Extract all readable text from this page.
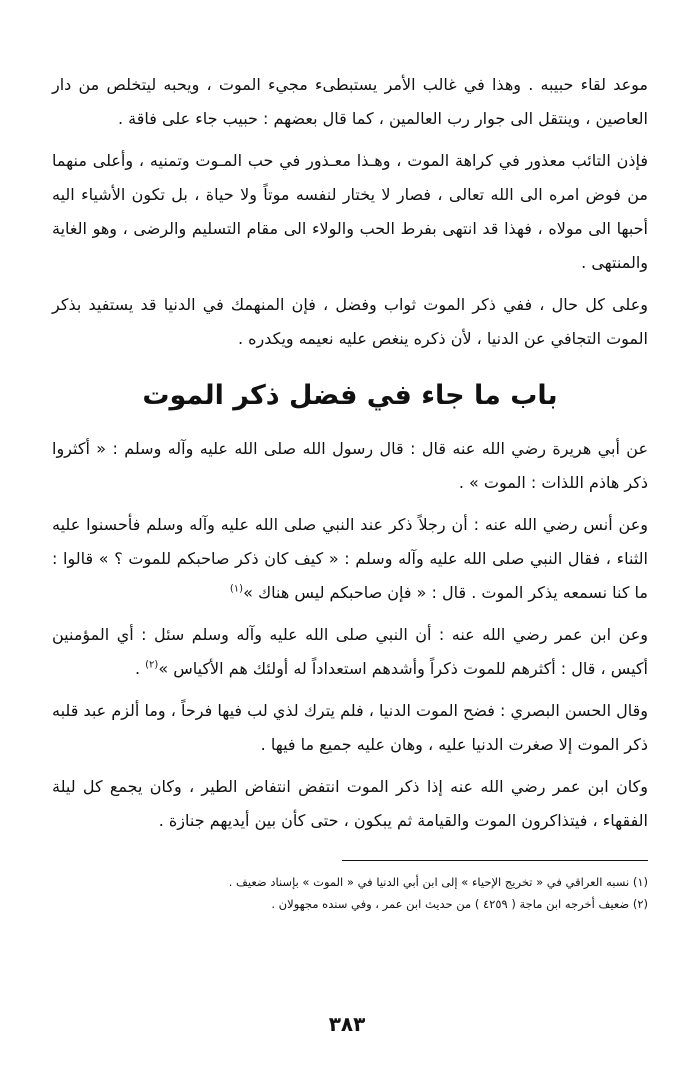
موعد لقاء حبيبه . وهذا في غالب الأمر يستبطىء مجيء الموت ، ويحبه ليتخلص من دار العاصين ، وينتقل الى جوار رب العالمين ، كما قال بعضهم : حبيب جاء على فاقة .

فإذن التائب معذور في كراهة الموت ، وهـذا معـذور في حب المـوت وتمنيه ، وأعلى منهما من فوض امره الى الله تعالى ، فصار لا يختار لنفسه موتاً ولا حياة ، بل تكون الأشياء اليه أحبها الى مولاه ، فهذا قد انتهى بفرط الحب والولاء الى مقام التسليم والرضى ، وهو الغاية والمنتهى .

وعلى كل حال ، ففي ذكر الموت ثواب وفضل ، فإن المنهمك في الدنيا قد يستفيد بذكر الموت التجافي عن الدنيا ، لأن ذكره ينغص عليه نعيمه ويكدره .

باب ما جاء في فضل ذكر الموت

عن أبي هريرة رضي الله عنه قال : قال رسول الله صلى الله عليه وآله وسلم : « أكثروا ذكر هاذم اللذات : الموت » .

وعن أنس رضي الله عنه : أن رجلاً ذكر عند النبي صلى الله عليه وآله وسلم فأحسنوا عليه الثناء ، فقال النبي صلى الله عليه وآله وسلم : « كيف كان ذكر صاحبكم للموت ؟ » قالوا : ما كنا نسمعه يذكر الموت . قال : « فإن صاحبكم ليس هناك »$^{(١)}$

وعن ابن عمر رضي الله عنه : أن النبي صلى الله عليه وآله وسلم سئل : أي المؤمنين أكيس ، قال : أكثرهم للموت ذكراً وأشدهم استعداداً له أولئك هم الأكياس »$^{(٢)}$ .

وقال الحسن البصري : فضح الموت الدنيا ، فلم يترك لذي لب فيها فرحاً ، وما ألزم عبد قلبه ذكر الموت إلا صغرت الدنيا عليه ، وهان عليه جميع ما فيها .

وكان ابن عمر رضي الله عنه إذا ذكر الموت انتفض انتفاض الطير ، وكان يجمع كل ليلة الفقهاء ، فيتذاكرون الموت والقيامة ثم يبكون ، حتى كأن بين أيديهم جنازة .

(١) نسبه العراقي في « تخريج الإحياء » إلى ابن أبي الدنيا في « الموت » بإسناد ضعيف .

(٢) ضعيف أخرجه ابن ماجة ( ٤٢٥٩ ) من حديث ابن عمر ، وفي سنده مجهولان .

٣٨٣
